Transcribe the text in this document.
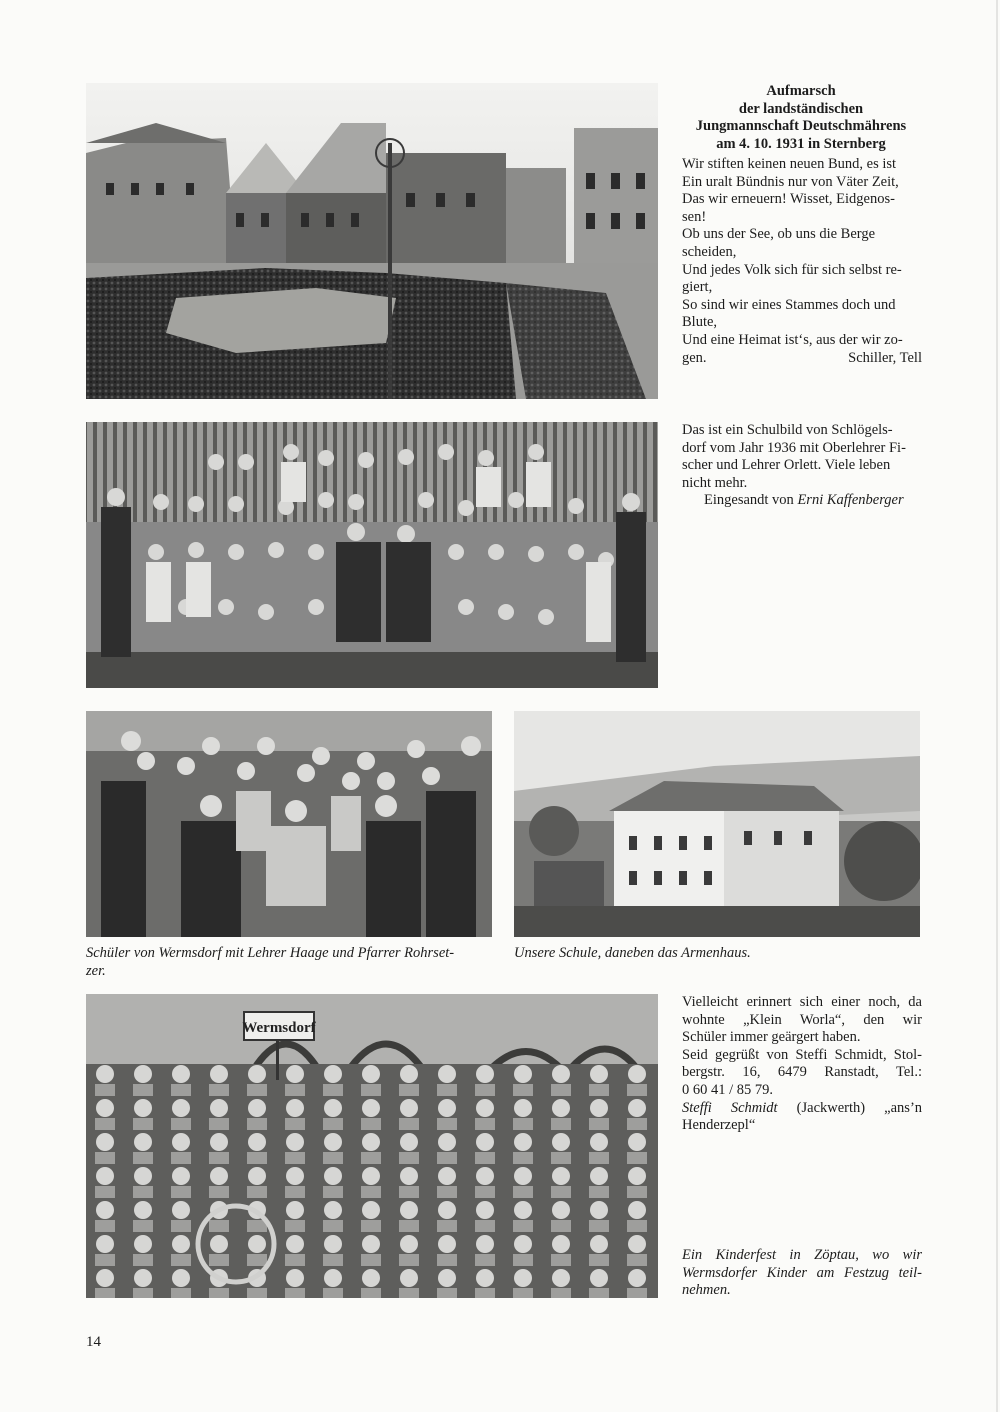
Aufmarsch
der landständischen
Jungmannschaft Deutschmährens
am 4. 10. 1931 in Sternberg
Wir stiften keinen neuen Bund, es ist
Ein uralt Bündnis nur von Väter Zeit,
Das wir erneuern! Wisset, Eidgenos-
sen!
Ob uns der See, ob uns die Berge
scheiden,
Und jedes Volk sich für sich selbst re-
giert,
So sind wir eines Stammes doch und
Blute,
Und eine Heimat ist‘s, aus der wir zo-
gen.	Schiller, Tell
Das ist ein Schulbild von Schlögels-
dorf vom Jahr 1936 mit Oberlehrer Fi-
scher und Lehrer Orlett. Viele leben
nicht mehr.
Eingesandt von Erni Kaffenberger
Schüler von Wermsdorf mit Lehrer Haage und Pfarrer Rohrset-
zer.
Unsere Schule, daneben das Armenhaus.
Wermsdorf
Vielleicht erinnert sich einer noch, da
wohnte „Klein Worla“, den wir
Schüler immer geärgert haben.
Seid gegrüßt von Steffi Schmidt, Stol-
bergstr. 16, 6479 Ranstadt, Tel.:
0 60 41 / 85 79.
Steffi Schmidt (Jackwerth) „ans’n
Henderzepl“
Ein Kinderfest in Zöptau, wo wir
Wermsdorfer Kinder am Festzug teil-
nehmen.
14
